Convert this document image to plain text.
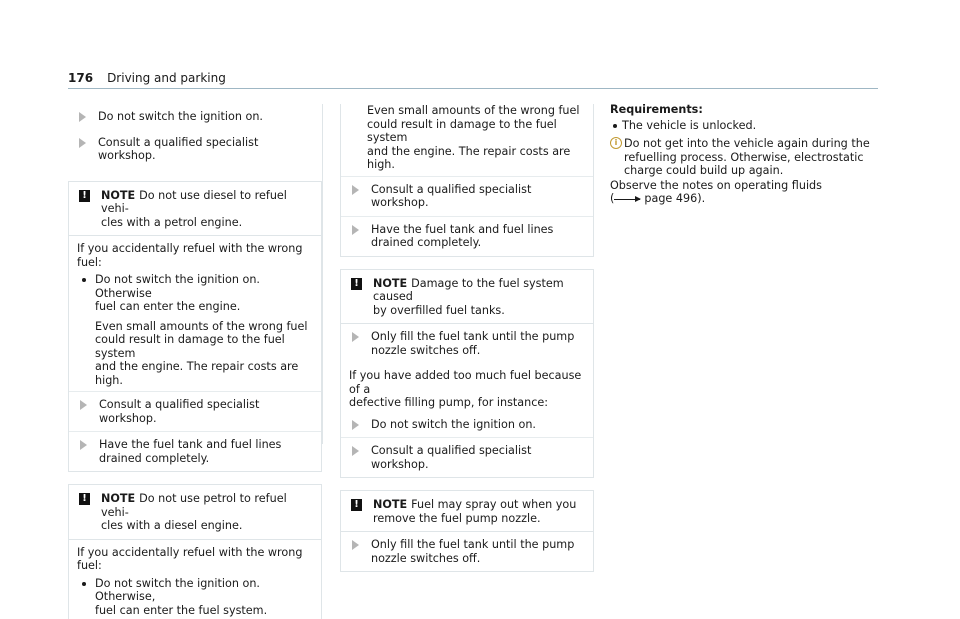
176 Driving and parking
Do not switch the ignition on.
Consult a qualified specialist workshop.
! NOTE Do not use diesel to refuel vehi-
cles with a petrol engine.
If you accidentally refuel with the wrong fuel:
Do not switch the ignition on. Otherwise
fuel can enter the engine.
Even small amounts of the wrong fuel
could result in damage to the fuel system
and the engine. The repair costs are high.
Consult a qualified specialist workshop.
Have the fuel tank and fuel lines
drained completely.
! NOTE Do not use petrol to refuel vehi-
cles with a diesel engine.
If you accidentally refuel with the wrong fuel:
Do not switch the ignition on. Otherwise,
fuel can enter the fuel system.
Even small amounts of the wrong fuel
could result in damage to the fuel system
and the engine. The repair costs are high.
Consult a qualified specialist workshop.
Have the fuel tank and fuel lines
drained completely.
! NOTE Damage to the fuel system caused
by overfilled fuel tanks.
Only fill the fuel tank until the pump
nozzle switches off.
If you have added too much fuel because of a
defective filling pump, for instance:
Do not switch the ignition on.
Consult a qualified specialist workshop.
! NOTE Fuel may spray out when you
remove the fuel pump nozzle.
Only fill the fuel tank until the pump
nozzle switches off.
Requirements:
The vehicle is unlocked.
i Do not get into the vehicle again during the
refuelling process. Otherwise, electrostatic
charge could build up again.
Observe the notes on operating fluids
(	page 496).
